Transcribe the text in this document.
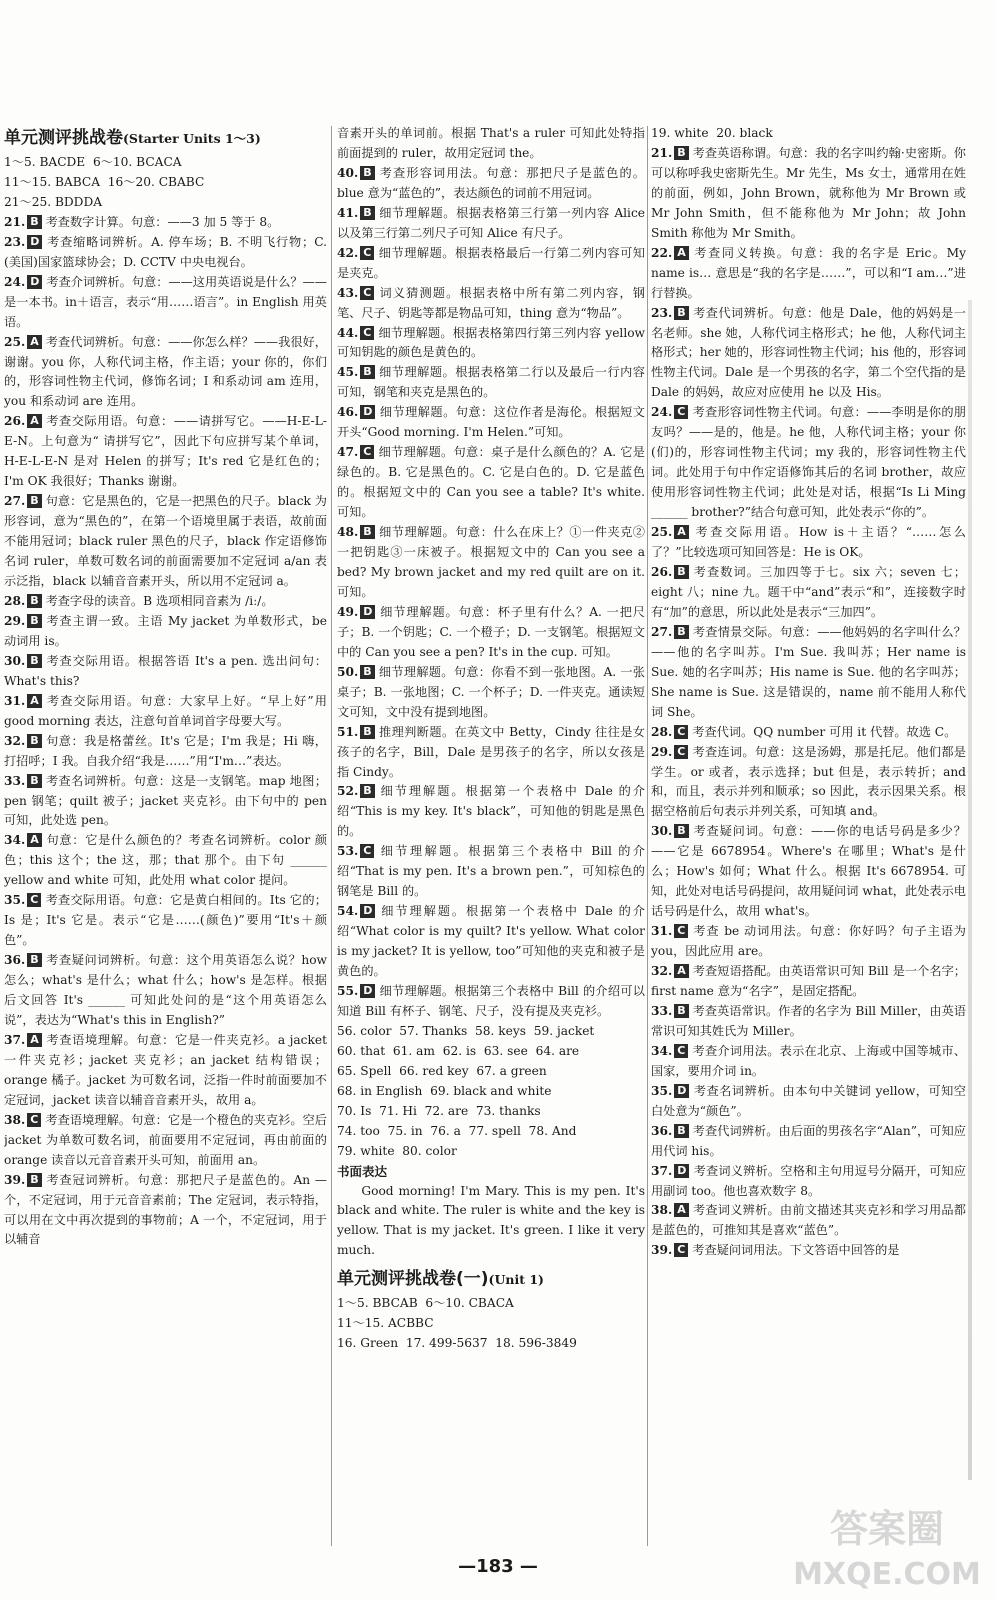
单元测评挑战卷(Starter Units 1～3)

1～5. BACDE  6～10. BCACA

11～15. BABCA  16～20. CBABC

21～25. BDDDA

21. B 考查数字计算。句意：——3 加 5 等于 8。

23. D 考查缩略词辨析。A. 停车场；B. 不明飞行物；C.(美国)国家篮球协会；D. CCTV 中央电视台。

24. D 考查介词辨析。句意：——这用英语说是什么？——是一本书。in＋语言，表示“用……语言”。in English 用英语。

25. A 考查代词辨析。句意：——你怎么样？——我很好，谢谢。you 你，人称代词主格，作主语；your 你的，你们的，形容词性物主代词，修饰名词；I 和系动词 am 连用，you 和系动词 are 连用。

26. A 考查交际用语。句意：——请拼写它。——H-E-L-E-N。上句意为“ 请拼写它”，因此下句应拼写某个单词，H-E-L-E-N 是对 Helen 的拼写；It's red 它是红色的；I'm OK 我很好；Thanks 谢谢。

27. B 句意：它是黑色的，它是一把黑色的尺子。black 为形容词，意为“黑色的”，在第一个语境里属于表语，故前面不能用冠词；black ruler 黑色的尺子，black 作定语修饰名词 ruler，单数可数名词的前面需要加不定冠词 a/an 表示泛指，black 以辅音音素开头，所以用不定冠词 a。

28. B 考查字母的读音。B 选项相同音素为 /iː/。

29. B 考查主谓一致。主语 My jacket 为单数形式，be 动词用 is。

30. B 考查交际用语。根据答语 It's a pen. 选出问句：What's this?

31. A 考查交际用语。句意：大家早上好。“早上好”用 good morning 表达，注意句首单词首字母要大写。

32. B 句意：我是格蕾丝。It's 它是；I'm 我是；Hi 嗨，打招呼；I 我。自我介绍“我是……”用“I'm…”表达。

33. B 考查名词辨析。句意：这是一支钢笔。map 地图；pen 钢笔；quilt 被子；jacket 夹克衫。由下句中的 pen 可知，此处选 pen。

34. A 句意：它是什么颜色的？考查名词辨析。color 颜色；this 这个；the 这，那；that 那个。由下句 ______ yellow and white 可知，此处用 what color 提问。

35. C 考查交际用语。句意：它是黄白相间的。Its 它的；Is 是；It's 它是。表示“它是……(颜色)”要用“It's＋颜色”。

36. B 考查疑问词辨析。句意：这个用英语怎么说？how 怎么；what's 是什么；what 什么；how's 是怎样。根据后文回答 It's ______ 可知此处问的是“这个用英语怎么说”，表达为“What's this in English?”

37. A 考查语境理解。句意：它是一件夹克衫。a jacket 一件夹克衫；jacket 夹克衫；an jacket 结构错误；orange 橘子。jacket 为可数名词，泛指一件时前面要加不定冠词，jacket 读音以辅音音素开头，故用 a。

38. C 考查语境理解。句意：它是一个橙色的夹克衫。空后 jacket 为单数可数名词，前面要用不定冠词，再由前面的 orange 读音以元音音素开头可知，前面用 an。

39. B 考查冠词辨析。句意：那把尺子是蓝色的。An —个，不定冠词，用于元音音素前；The 定冠词，表示特指，可以用在文中再次提到的事物前；A 一个，不定冠词，用于以辅音

音素开头的单词前。根据 That's a ruler 可知此处特指前面提到的 ruler，故用定冠词 the。

40. B 考查形容词用法。句意：那把尺子是蓝色的。blue 意为“蓝色的”，表达颜色的词前不用冠词。

41. B 细节理解题。根据表格第三行第一列内容 Alice 以及第三行第二列尺子可知 Alice 有尺子。

42. C 细节理解题。根据表格最后一行第二列内容可知是夹克。

43. C 词义猜测题。根据表格中所有第二列内容，钢笔、尺子、钥匙等都是物品可知，thing 意为“物品”。

44. C 细节理解题。根据表格第四行第三列内容 yellow 可知钥匙的颜色是黄色的。

45. B 细节理解题。根据表格第二行以及最后一行内容可知，钢笔和夹克是黑色的。

46. D 细节理解题。句意：这位作者是海伦。根据短文开头“Good morning. I'm Helen.”可知。

47. C 细节理解题。句意：桌子是什么颜色的？A. 它是绿色的。B. 它是黑色的。C. 它是白色的。D. 它是蓝色的。根据短文中的 Can you see a table? It's white. 可知。

48. B 细节理解题。句意：什么在床上？①一件夹克②一把钥匙③一床被子。根据短文中的 Can you see a bed? My brown jacket and my red quilt are on it. 可知。

49. D 细节理解题。句意：杯子里有什么？A. 一把尺子；B. 一个钥匙；C. 一个橙子；D. 一支钢笔。根据短文中的 Can you see a pen? It's in the cup. 可知。

50. B 细节理解题。句意：你看不到一张地图。A. 一张桌子；B. 一张地图；C. 一个杯子；D. 一件夹克。通读短文可知，文中没有提到地图。

51. B 推理判断题。在英文中 Betty，Cindy 往往是女孩子的名字，Bill，Dale 是男孩子的名字，所以女孩是指 Cindy。

52. B 细节理解题。根据第一个表格中 Dale 的介绍“This is my key. It's black”，可知他的钥匙是黑色的。

53. C 细节理解题。根据第三个表格中 Bill 的介绍“That is my pen. It's a brown pen.”，可知棕色的钢笔是 Bill 的。

54. D 细节理解题。根据第一个表格中 Dale 的介绍“What color is my quilt? It's yellow. What color is my jacket? It is yellow, too”可知他的夹克和被子是黄色的。

55. D 细节理解题。根据第三个表格中 Bill 的介绍可以知道 Bill 有杯子、钢笔、尺子，没有提及夹克衫。

56. color  57. Thanks  58. keys  59. jacket

60. that  61. am  62. is  63. see  64. are

65. Spell  66. red key  67. a green

68. in English  69. black and white

70. Is  71. Hi  72. are  73. thanks

74. too  75. in  76. a  77. spell  78. And

79. white  80. color

书面表达

Good morning! I'm Mary. This is my pen. It's black and white. The ruler is white and the key is yellow. That is my jacket. It's green. I like it very much.

单元测评挑战卷(一)(Unit 1)

1～5. BBCAB  6～10. CBACA

11～15. ACBBC

16. Green  17. 499-5637  18. 596-3849

19. white  20. black

21. B 考查英语称谓。句意：我的名字叫约翰·史密斯。你可以称呼我史密斯先生。Mr 先生，Ms 女士，通常用在姓的前面，例如，John Brown，就称他为 Mr Brown 或 Mr John Smith，但不能称他为 Mr John；故 John Smith 称他为 Mr Smith。

22. A 考查同义转换。句意：我的名字是 Eric。My name is… 意思是“我的名字是……”，可以和“I am…”进行替换。

23. B 考查代词辨析。句意：他是 Dale，他的妈妈是一名老师。she 她，人称代词主格形式；he 他，人称代词主格形式；her 她的，形容词性物主代词；his 他的，形容词性物主代词。Dale 是一个男孩的名字，第二个空代指的是 Dale 的妈妈，故应对应使用 he 以及 His。

24. C 考查形容词性物主代词。句意：——李明是你的朋友吗？——是的，他是。he 他，人称代词主格；your 你(们)的，形容词性物主代词；my 我的，形容词性物主代词。此处用于句中作定语修饰其后的名词 brother，故应使用形容词性物主代词；此处是对话，根据“Is Li Ming ______ brother?”结合句意可知，此处表示“你的”。

25. A 考查交际用语。How is＋主语？“……怎么了？”比较选项可知回答是：He is OK。

26. B 考查数词。三加四等于七。six 六；seven 七；eight 八；nine 九。题干中“and”表示“和”，连接数字时有“加”的意思，所以此处是表示“三加四”。

27. B 考查情景交际。句意：——他妈妈的名字叫什么？——他的名字叫苏。I'm Sue. 我叫苏；Her name is Sue. 她的名字叫苏；His name is Sue. 他的名字叫苏；She name is Sue. 这是错误的，name 前不能用人称代词 She。

28. C 考查代词。QQ number 可用 it 代替。故选 C。

29. C 考查连词。句意：这是汤姆，那是托尼。他们都是学生。or 或者，表示选择；but 但是，表示转折；and 和，而且，表示并列和顺承；so 因此，表示因果关系。根据空格前后句表示并列关系，可知填 and。

30. B 考查疑问词。句意：——你的电话号码是多少？——它是 6678954。Where's 在哪里；What's 是什么；How's 如何；What 什么。根据 It's 6678954. 可知，此处对电话号码提问，故用疑问词 what，此处表示电话号码是什么，故用 what's。

31. C 考查 be 动词用法。句意：你好吗？句子主语为 you，因此应用 are。

32. A 考查短语搭配。由英语常识可知 Bill 是一个名字；first name 意为“名字”，是固定搭配。

33. B 考查英语常识。作者的名字为 Bill Miller，由英语常识可知其姓氏为 Miller。

34. C 考查介词用法。表示在北京、上海或中国等城市、国家，要用介词 in。

35. D 考查名词辨析。由本句中关键词 yellow，可知空白处意为“颜色”。

36. B 考查代词辨析。由后面的男孩名字“Alan”，可知应用代词 his。

37. D 考查词义辨析。空格和主句用逗号分隔开，可知应用副词 too。他也喜欢数字 8。

38. A 考查词义辨析。由前文描述其夹克衫和学习用品都是蓝色的，可推知其是喜欢“蓝色”。

39. C 考查疑问词用法。下文答语中回答的是

—183 —
答案圈
MXQE.COM
